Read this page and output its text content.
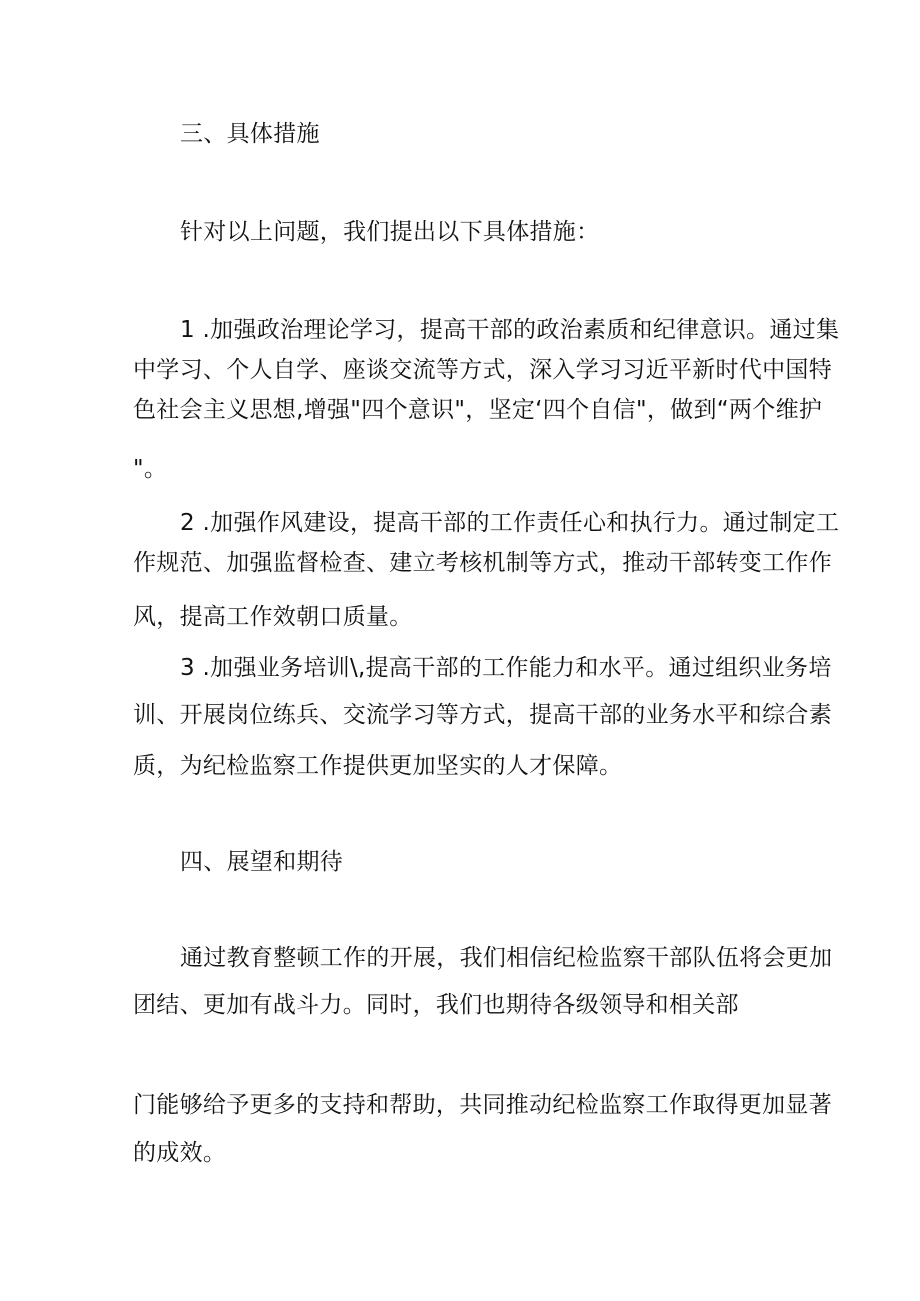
三、具体措施
针对以上问题，我们提出以下具体措施：
1 .加强政治理论学习，提高干部的政治素质和纪律意识。通过集
中学习、个人自学、座谈交流等方式，深入学习习近平新时代中国特
色社会主义思想,增强"四个意识"，坚定‘四个自信"，做到“两个维护
"。
2 .加强作风建设，提高干部的工作责任心和执行力。通过制定工
作规范、加强监督检查、建立考核机制等方式，推动干部转变工作作
风，提高工作效朝口质量。
3 .加强业务培训\,提高干部的工作能力和水平。通过组织业务培
训、开展岗位练兵、交流学习等方式，提高干部的业务水平和综合素
质，为纪检监察工作提供更加坚实的人才保障。
四、展望和期待
通过教育整顿工作的开展，我们相信纪检监察干部队伍将会更加
团结、更加有战斗力。同时，我们也期待各级领导和相关部
门能够给予更多的支持和帮助，共同推动纪检监察工作取得更加显著
的成效。
